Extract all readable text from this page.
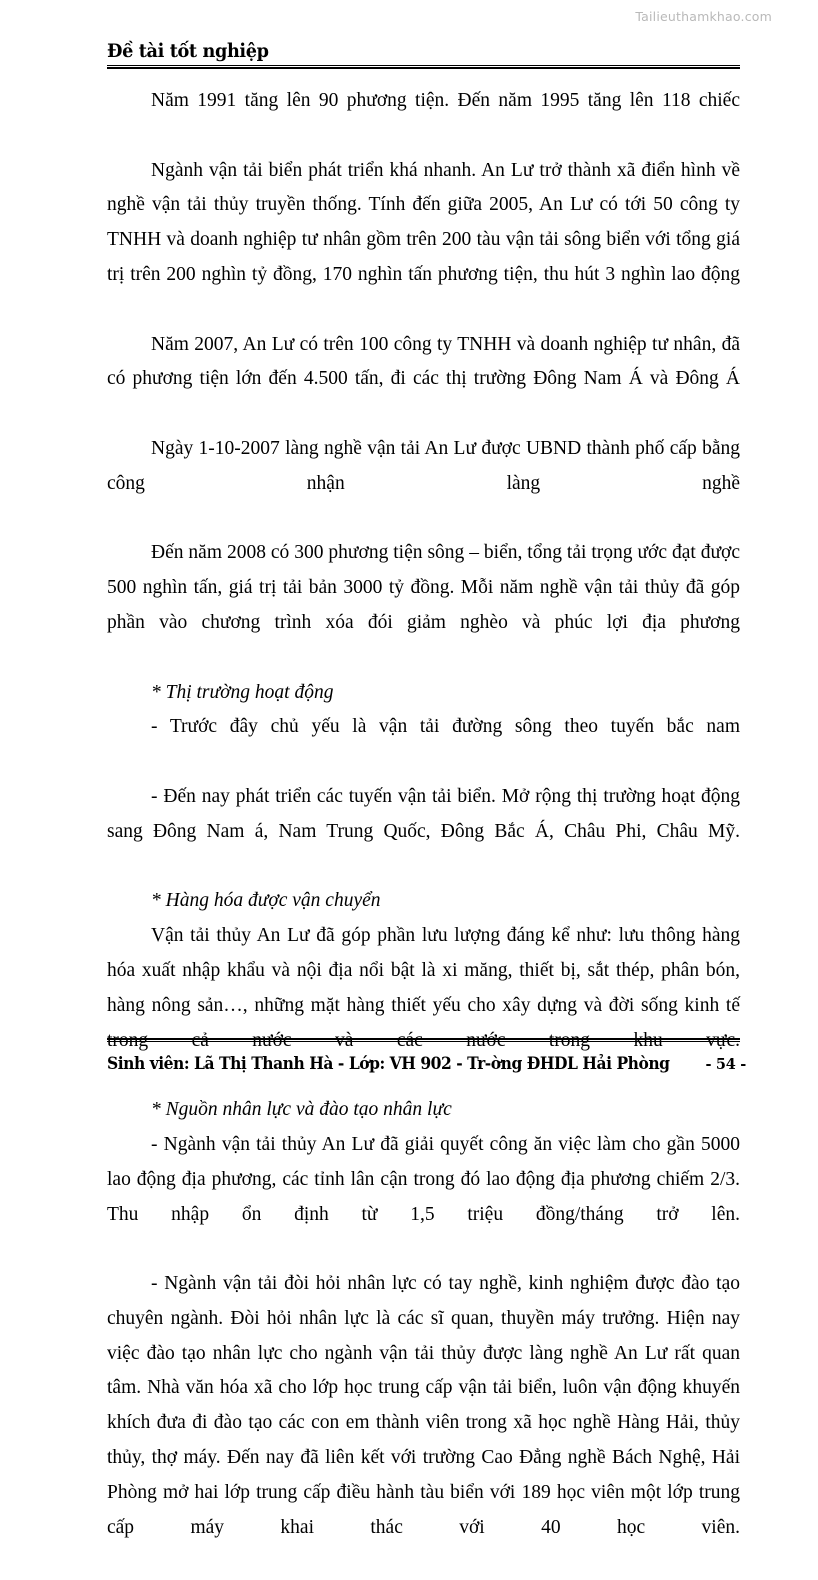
Tailieuthamkhao.com
Đề tài tốt nghiệp

Năm 1991 tăng lên 90 phương tiện. Đến năm 1995 tăng lên 118 chiếc

Ngành vận tải biển phát triển khá nhanh. An Lư trở thành xã điển hình về nghề vận tải thủy truyền thống. Tính đến giữa 2005, An Lư có tới 50 công ty TNHH và doanh nghiệp tư nhân gồm trên 200 tàu vận tải sông biển với tổng giá trị trên 200 nghìn tỷ đồng, 170 nghìn tấn phương tiện, thu hút 3 nghìn lao động

Năm 2007, An Lư có trên 100 công ty TNHH và doanh nghiệp tư nhân, đã có phương tiện lớn đến 4.500 tấn, đi các thị trường Đông Nam Á và Đông Á

Ngày 1-10-2007 làng nghề vận tải An Lư được UBND thành phố cấp bằng công nhận làng nghề

Đến năm 2008 có 300 phương tiện sông – biển, tổng tải trọng ước đạt được 500 nghìn tấn, giá trị tải bản 3000 tỷ đồng. Mỗi năm nghề vận tải thủy đã góp phần vào chương trình xóa đói giảm nghèo và phúc lợi địa phương

* Thị trường hoạt động

- Trước đây chủ yếu là vận tải đường sông theo tuyến bắc nam

- Đến nay phát triển các tuyến vận tải biển. Mở rộng thị trường hoạt động sang Đông Nam á, Nam Trung Quốc, Đông Bắc Á, Châu Phi, Châu Mỹ.

* Hàng hóa được vận chuyển

Vận tải thủy An Lư đã góp phần lưu lượng đáng kể như: lưu thông hàng hóa xuất nhập khẩu và nội địa nổi bật là xi măng, thiết bị, sắt thép, phân bón, hàng nông sản…, những mặt hàng thiết yếu cho xây dựng và đời sống kinh tế trong cả nước và các nước trong khu vực.

* Nguồn nhân lực và đào tạo nhân lực

- Ngành vận tải thủy An Lư đã giải quyết công ăn việc làm cho gần 5000 lao động địa phương, các tỉnh lân cận trong đó lao động địa phương chiếm 2/3. Thu nhập ổn định từ 1,5 triệu đồng/tháng trở lên.

- Ngành vận tải đòi hỏi nhân lực có tay nghề, kinh nghiệm được đào tạo chuyên ngành. Đòi hỏi nhân lực là các sĩ quan, thuyền máy trưởng. Hiện nay việc đào tạo nhân lực cho ngành vận tải thủy được làng nghề An Lư rất quan tâm. Nhà văn hóa xã cho lớp học trung cấp vận tải biển, luôn vận động khuyến khích đưa đi đào tạo các con em thành viên trong xã học nghề Hàng Hải, thủy thủy, thợ máy. Đến nay đã liên kết với trường Cao Đẳng nghề Bách Nghệ, Hải Phòng mở hai lớp trung cấp điều hành tàu biển với 189 học viên một lớp trung cấp máy khai thác với 40 học viên.

Sinh viên: Lã Thị Thanh Hà - Lớp: VH 902 - Tr-ờng ĐHDL Hải Phòng - 54 -
